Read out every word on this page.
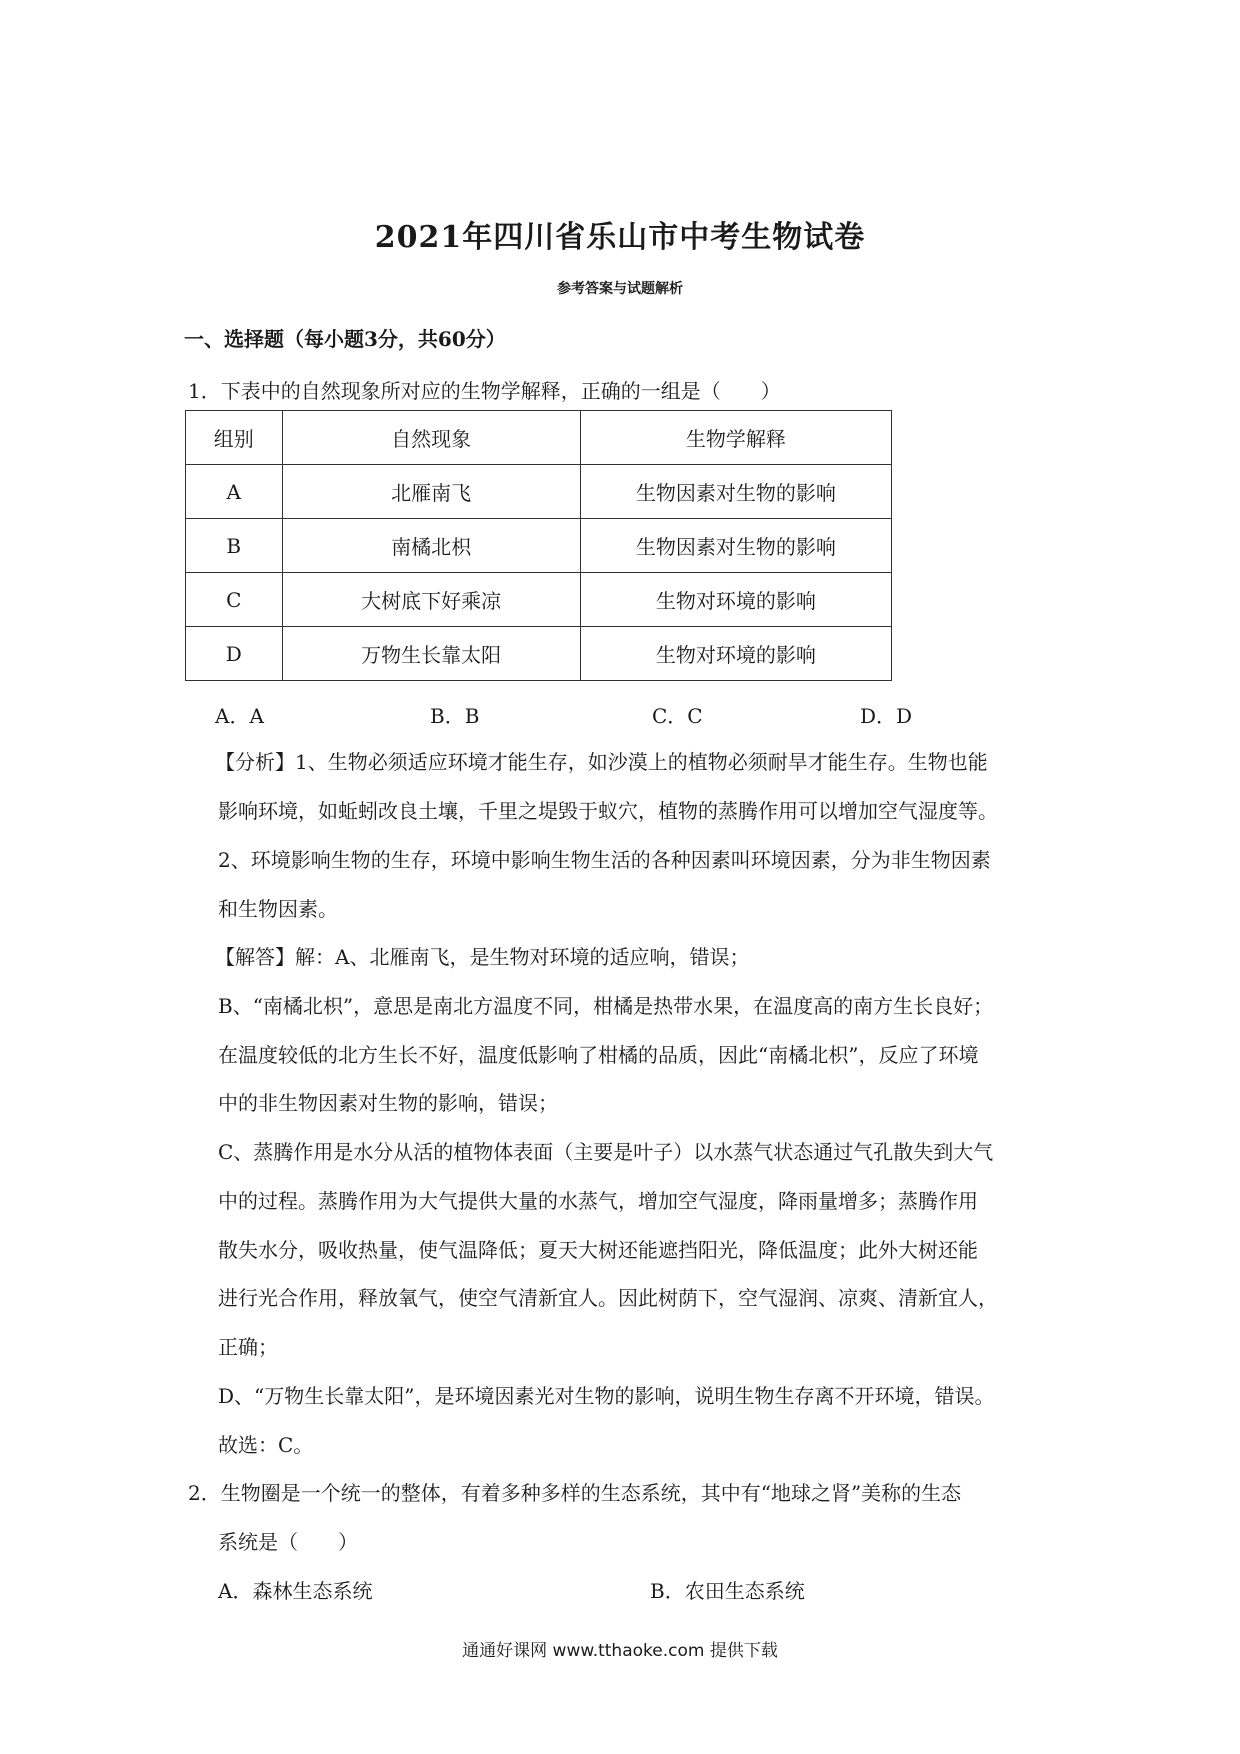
2021年四川省乐山市中考生物试卷
参考答案与试题解析
一、选择题（每小题3分，共60分）
1．下表中的自然现象所对应的生物学解释，正确的一组是（　　）
组别	自然现象	生物学解释
A	北雁南飞	生物因素对生物的影响
B	南橘北枳	生物因素对生物的影响
C	大树底下好乘凉	生物对环境的影响
D	万物生长靠太阳	生物对环境的影响
A．A	B．B	C．C	D．D
【分析】1、生物必须适应环境才能生存，如沙漠上的植物必须耐旱才能生存。生物也能
影响环境，如蚯蚓改良土壤，千里之堤毁于蚁穴，植物的蒸腾作用可以增加空气湿度等。
2、环境影响生物的生存，环境中影响生物生活的各种因素叫环境因素，分为非生物因素
和生物因素。
【解答】解：A、北雁南飞，是生物对环境的适应响，错误；
B、“南橘北枳”，意思是南北方温度不同，柑橘是热带水果，在温度高的南方生长良好；
在温度较低的北方生长不好，温度低影响了柑橘的品质，因此“南橘北枳”，反应了环境
中的非生物因素对生物的影响，错误；
C、蒸腾作用是水分从活的植物体表面（主要是叶子）以水蒸气状态通过气孔散失到大气
中的过程。蒸腾作用为大气提供大量的水蒸气，增加空气湿度，降雨量增多；蒸腾作用
散失水分，吸收热量，使气温降低；夏天大树还能遮挡阳光，降低温度；此外大树还能
进行光合作用，释放氧气，使空气清新宜人。因此树荫下，空气湿润、凉爽、清新宜人，
正确；
D、“万物生长靠太阳”，是环境因素光对生物的影响，说明生物生存离不开环境，错误。
故选：C。
2．生物圈是一个统一的整体，有着多种多样的生态系统，其中有“地球之肾”美称的生态
系统是（　　）
A．森林生态系统	B．农田生态系统
通通好课网 www.tthaoke.com 提供下载
